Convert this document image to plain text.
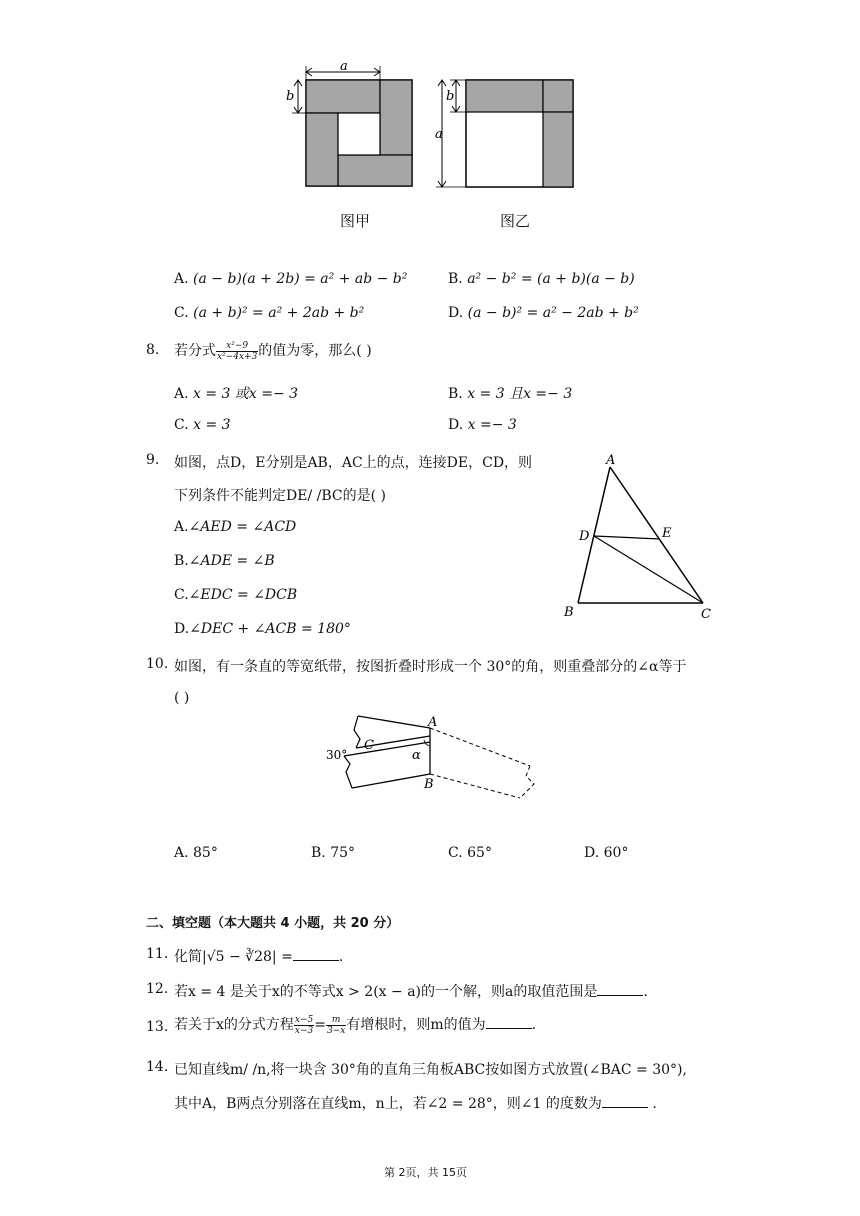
a
b	b
a
图甲	图乙
A. (a − b)(a + 2b) = a² + ab − b²	B. a² − b² = (a + b)(a − b)
C. (a + b)² = a² + 2ab + b²	D. (a − b)² = a² − 2ab + b²
8. 若分式 $\frac{\text{x²−9}}{\text{x²−4x+3}}$ 的值为零，那么( )
A. x = 3 或x =− 3	B. x = 3 且x =− 3
C. x = 3	D. x =− 3
9. 如图，点D，E分别是AB，AC上的点，连接DE，CD，则
下列条件不能判定DE/ /BC的是( )
A.∠AED = ∠ACD
B.∠ADE = ∠B
C.∠EDC = ∠DCB
D.∠DEC + ∠ACB = 180°
A
D	E
B	C
10. 如图，有一条直的等宽纸带，按图折叠时形成一个 30°的角，则重叠部分的∠α等于
( )
30°
C
A
α
B
A. 85°	B. 75°	C. 65°	D. 60°
二、填空题（本大题共 4 小题，共 20 分）
11. 化简|√5 − ∛28| =	.
12. 若x = 4 是关于x的不等式x > 2(x − a)的一个解，则a的取值范围是	.
13. 若关于x的分式方程 $\frac{x-5}{x-3} = \frac{m}{3-x}$ 有增根时，则m的值为	.
14. 已知直线m/ /n,将一块含 30°角的直角三角板ABC按如图方式放置(∠BAC = 30°),
其中A，B两点分别落在直线m，n上，若∠2 = 28°，则∠1 的度数为	.
第 2页，共 15页
